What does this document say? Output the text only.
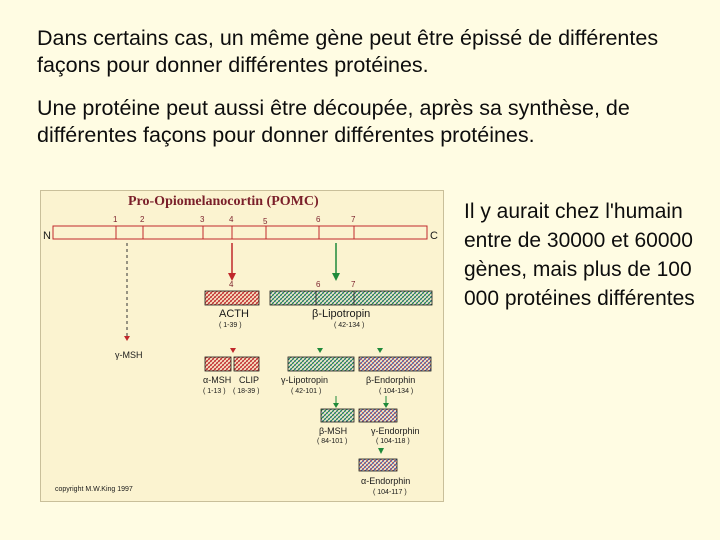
Dans certains cas, un même gène peut être épissé de différentes façons pour donner différentes protéines.
Une protéine peut aussi être découpée, après sa synthèse, de différentes façons pour donner différentes protéines.
Il y aurait chez l'humain entre de 30000 et 60000 gènes, mais plus de 100 000 protéines différentes
Pro-Opiomelanocortin (POMC)
1	2	3	4	5	6	7
N	C
γ-MSH
4	6	7
ACTH
( 1-39 )
β-Lipotropin
( 42-134 )
α-MSH
( 1-13 )
CLIP
( 18-39 )
γ-Lipotropin
( 42-101 )
β-Endorphin
( 104-134 )
β-MSH
( 84-101 )
γ-Endorphin
( 104-118 )
α-Endorphin
( 104-117 )
copyright M.W.King 1997
